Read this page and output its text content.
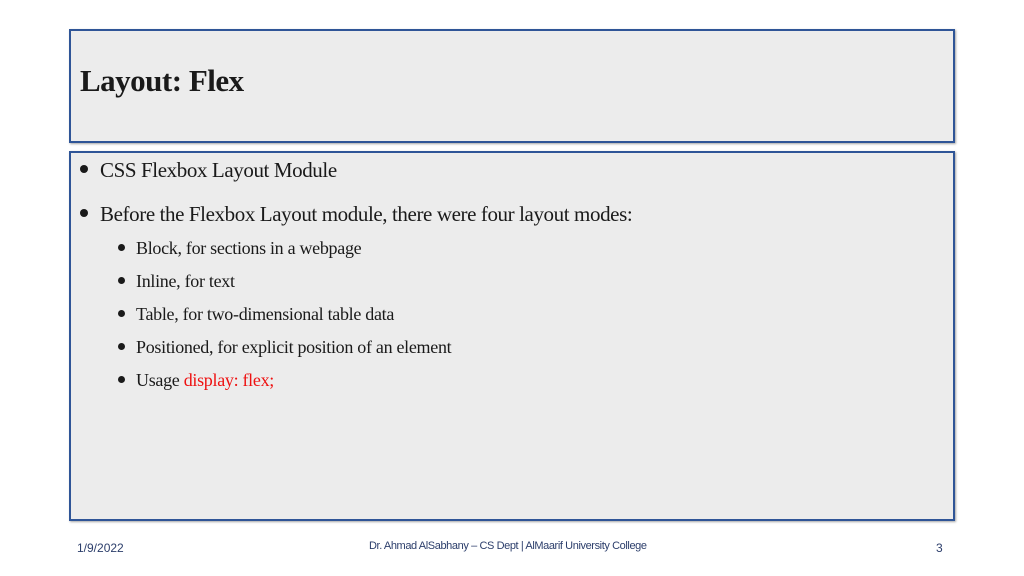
Layout: Flex
CSS Flexbox Layout Module
Before the Flexbox Layout module, there were four layout modes:
Block, for sections in a webpage
Inline, for text
Table, for two-dimensional table data
Positioned, for explicit position of an element
Usage display: flex;
1/9/2022	Dr. Ahmad AlSabhany – CS Dept | AlMaarif University College	3
